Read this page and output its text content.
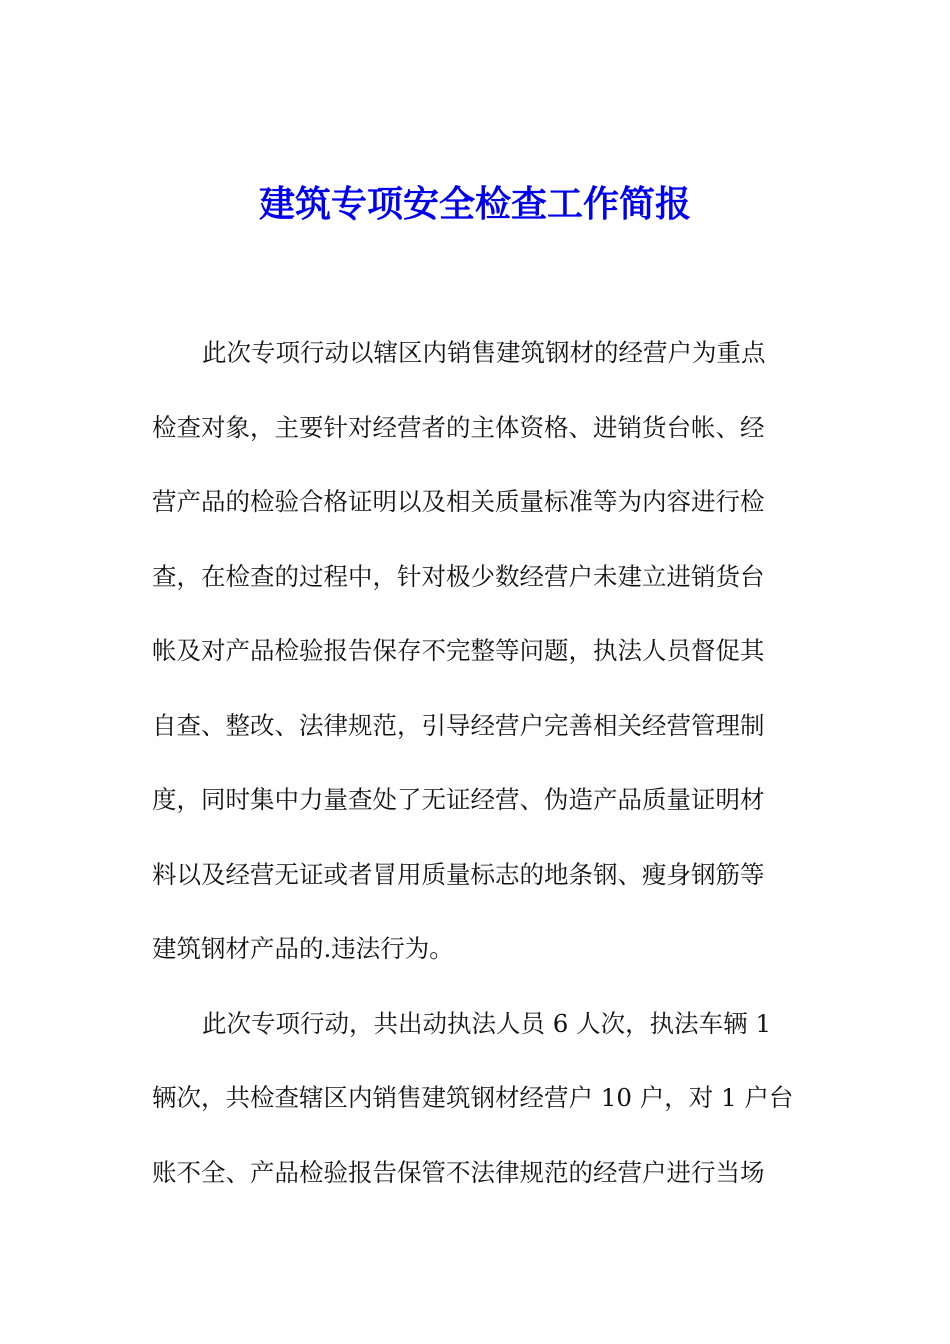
建筑专项安全检查工作简报
此次专项行动以辖区内销售建筑钢材的经营户为重点
检查对象，主要针对经营者的主体资格、进销货台帐、经
营产品的检验合格证明以及相关质量标准等为内容进行检
查，在检查的过程中，针对极少数经营户未建立进销货台
帐及对产品检验报告保存不完整等问题，执法人员督促其
自查、整改、法律规范，引导经营户完善相关经营管理制
度，同时集中力量查处了无证经营、伪造产品质量证明材
料以及经营无证或者冒用质量标志的地条钢、瘦身钢筋等
建筑钢材产品的.违法行为。
此次专项行动，共出动执法人员 6 人次，执法车辆 1
辆次，共检查辖区内销售建筑钢材经营户 10 户，对 1 户台
账不全、产品检验报告保管不法律规范的经营户进行当场
